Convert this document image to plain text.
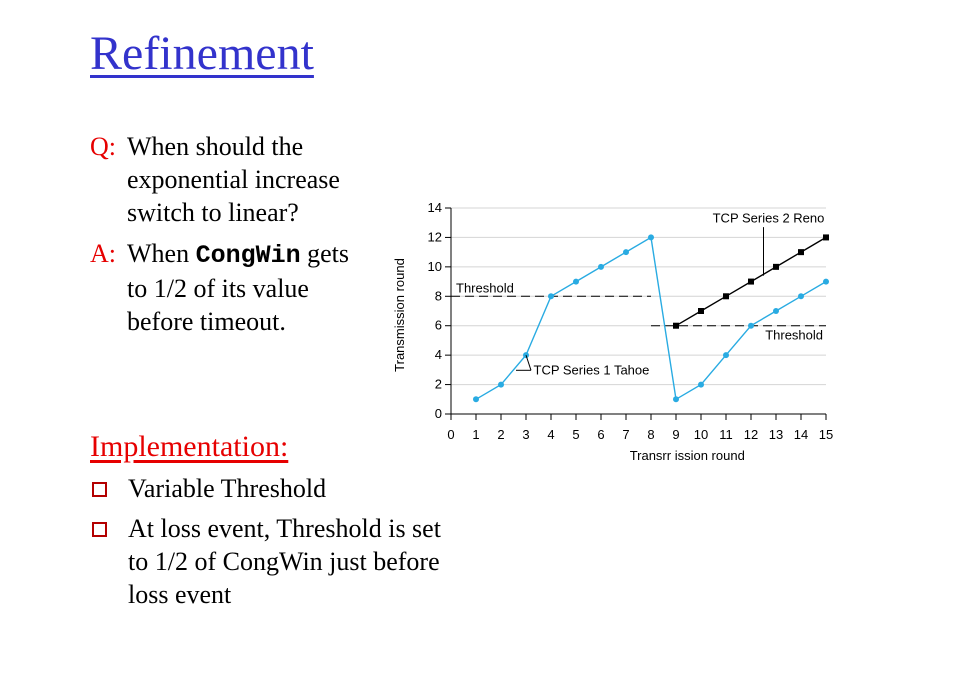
Refinement
Q: When should the
exponential increase
switch to linear?
A: When CongWin gets
to 1/2 of its value
before timeout.
Implementation:
Variable Threshold
At loss event, Threshold is set
to 1/2 of CongWin just before
loss event
0
2
4
6
8
10
12
14
0 1 2 3 4 5 6 7 8 9 10 11 12 13 14 15
Transrr ission round
Transmission round	Threshold
Threshold
TCP Series 1 Tahoe
TCP Series 2 Reno
